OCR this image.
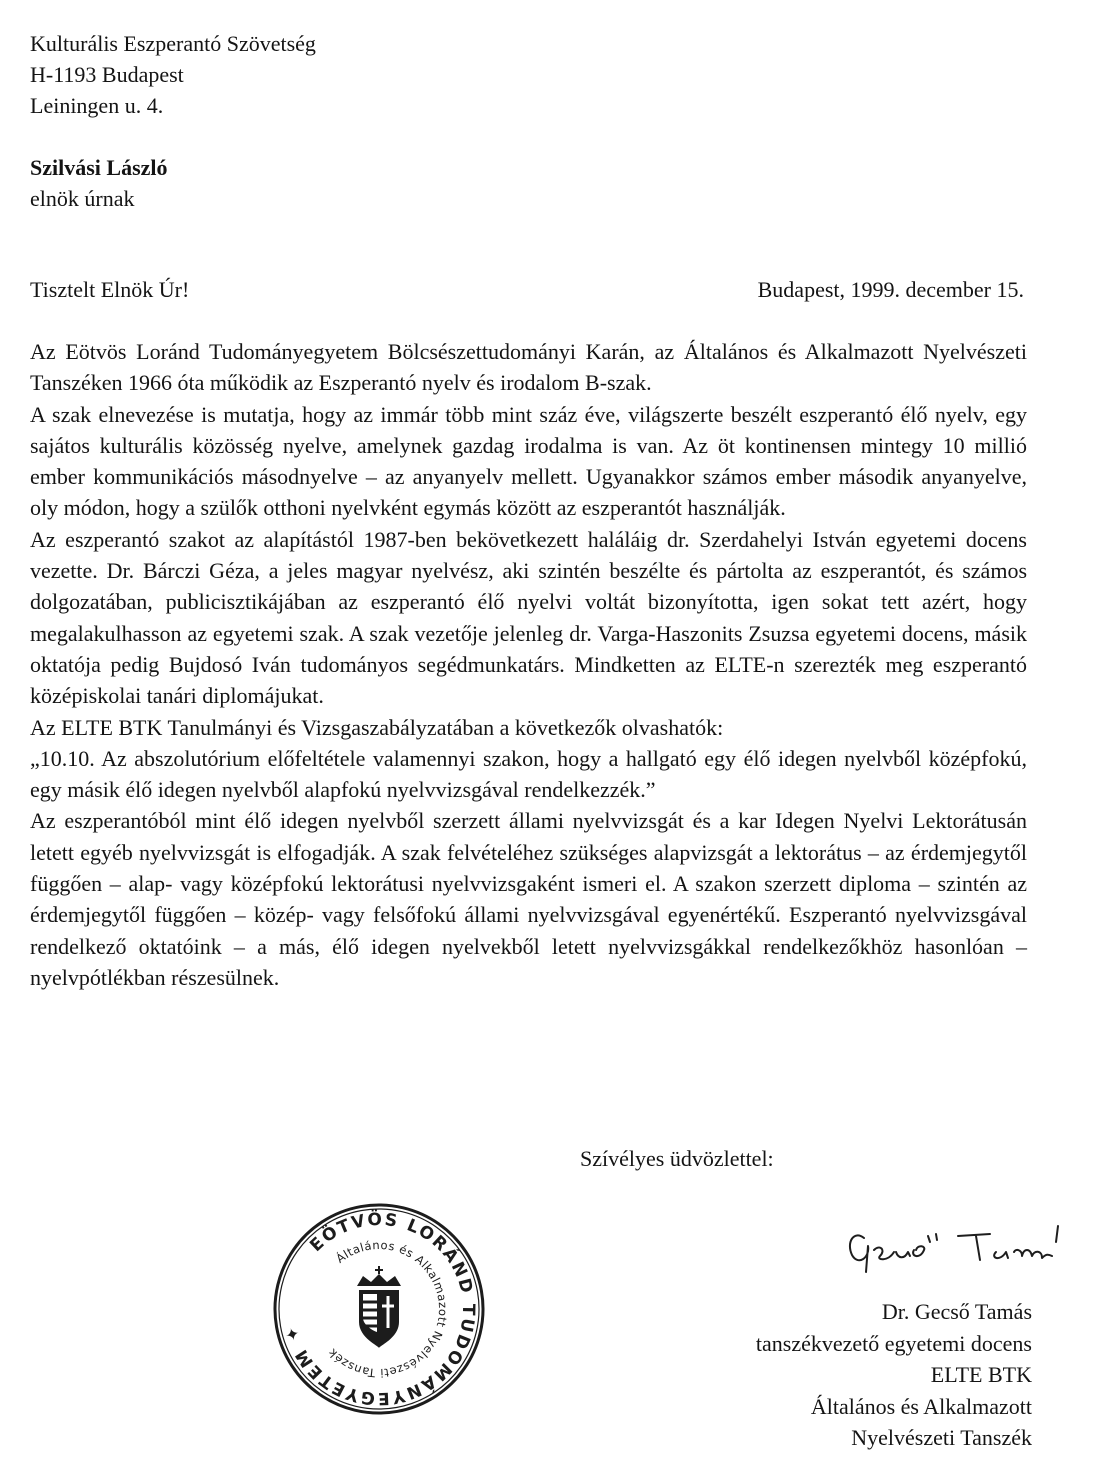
Kulturális Eszperantó Szövetség
H-1193 Budapest
Leiningen u. 4.
Szilvási László
elnök úrnak
Tisztelt Elnök Úr!	Budapest, 1999. december 15.

Az Eötvös Loránd Tudományegyetem Bölcsészettudományi Karán, az Általános és Alkalmazott Nyelvészeti Tanszéken 1966 óta működik az Eszperantó nyelv és irodalom B-szak.

A szak elnevezése is mutatja, hogy az immár több mint száz éve, világszerte beszélt eszperantó élő nyelv, egy sajátos kulturális közösség nyelve, amelynek gazdag irodalma is van. Az öt kontinensen mintegy 10 millió ember kommunikációs másodnyelve – az anyanyelv mellett. Ugyanakkor számos ember második anyanyelve, oly módon, hogy a szülők otthoni nyelvként egymás között az eszperantót használják.

Az eszperantó szakot az alapítástól 1987-ben bekövetkezett haláláig dr. Szerdahelyi István egyetemi docens vezette. Dr. Bárczi Géza, a jeles magyar nyelvész, aki szintén beszélte és pártolta az eszperantót, és számos dolgozatában, publicisztikájában az eszperantó élő nyelvi voltát bizonyította, igen sokat tett azért, hogy megalakulhasson az egyetemi szak. A szak vezetője jelenleg dr. Varga-Haszonits Zsuzsa egyetemi docens, másik oktatója pedig Bujdosó Iván tudományos segédmunkatárs. Mindketten az ELTE-n szerezték meg eszperantó középiskolai tanári diplomájukat.

Az ELTE BTK Tanulmányi és Vizsgaszabályzatában a következők olvashatók:

„10.10. Az abszolutórium előfeltétele valamennyi szakon, hogy a hallgató egy élő idegen nyelvből középfokú, egy másik élő idegen nyelvből alapfokú nyelvvizsgával rendelkezzék.”

Az eszperantóból mint élő idegen nyelvből szerzett állami nyelvvizsgát és a kar Idegen Nyelvi Lektorátusán letett egyéb nyelvvizsgát is elfogadják. A szak felvételéhez szükséges alapvizsgát a lektorátus – az érdemjegytől függően – alap- vagy középfokú lektorátusi nyelvvizsgaként ismeri el. A szakon szerzett diploma – szintén az érdemjegytől függően – közép- vagy felsőfokú állami nyelvvizsgával egyenértékű. Eszperantó nyelvvizsgával rendelkező oktatóink – a más, élő idegen nyelvekből letett nyelvvizsgákkal rendelkezőkhöz hasonlóan – nyelvpótlékban részesülnek.

Szívélyes üdvözlettel:
Dr. Gecső Tamás
tanszékvezető egyetemi docens
ELTE BTK
Általános és Alkalmazott
Nyelvészeti Tanszék
EÖTVÖS LORÁND TUDOMÁNYEGYETEM ✦
Általános és Alkalmazott Nyelvészeti Tanszék
